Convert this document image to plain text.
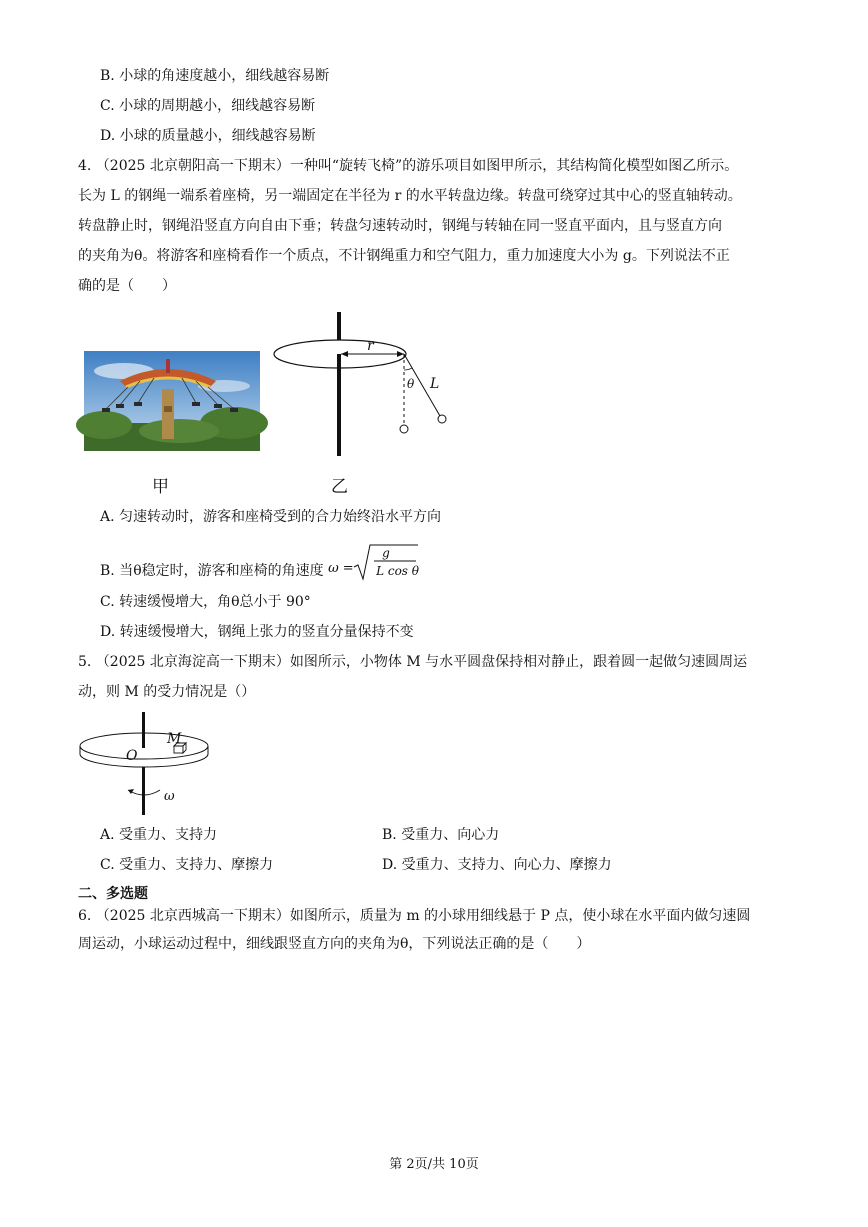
B. 小球的角速度越小，细线越容易断
C. 小球的周期越小，细线越容易断
D. 小球的质量越小，细线越容易断
4. （2025 北京朝阳高一下期末）一种叫“旋转飞椅”的游乐项目如图甲所示，其结构简化模型如图乙所示。
长为 L 的钢绳一端系着座椅，另一端固定在半径为 r 的水平转盘边缘。转盘可绕穿过其中心的竖直轴转动。
转盘静止时，钢绳沿竖直方向自由下垂；转盘匀速转动时，钢绳与转轴在同一竖直平面内，且与竖直方向
的夹角为θ。将游客和座椅看作一个质点，不计钢绳重力和空气阻力，重力加速度大小为 g。下列说法不正
确的是（　　）
甲
r
θ L
乙
A. 匀速转动时，游客和座椅受到的合力始终沿水平方向
B. 当θ稳定时，游客和座椅的角速度 ω =
g
L cos θ
C. 转速缓慢增大，角θ总小于 90°
D. 转速缓慢增大，钢绳上张力的竖直分量保持不变
5. （2025 北京海淀高一下期末）如图所示，小物体 M 与水平圆盘保持相对静止，跟着圆一起做匀速圆周运
动，则 M 的受力情况是（）
O
M
ω
A. 受重力、支持力	B. 受重力、向心力
C. 受重力、支持力、摩擦力	D. 受重力、支持力、向心力、摩擦力
二、多选题
6. （2025 北京西城高一下期末）如图所示，质量为 m 的小球用细线悬于 P 点，使小球在水平面内做匀速圆
周运动，小球运动过程中，细线跟竖直方向的夹角为θ，下列说法正确的是（　　）
第 2页/共 10页
